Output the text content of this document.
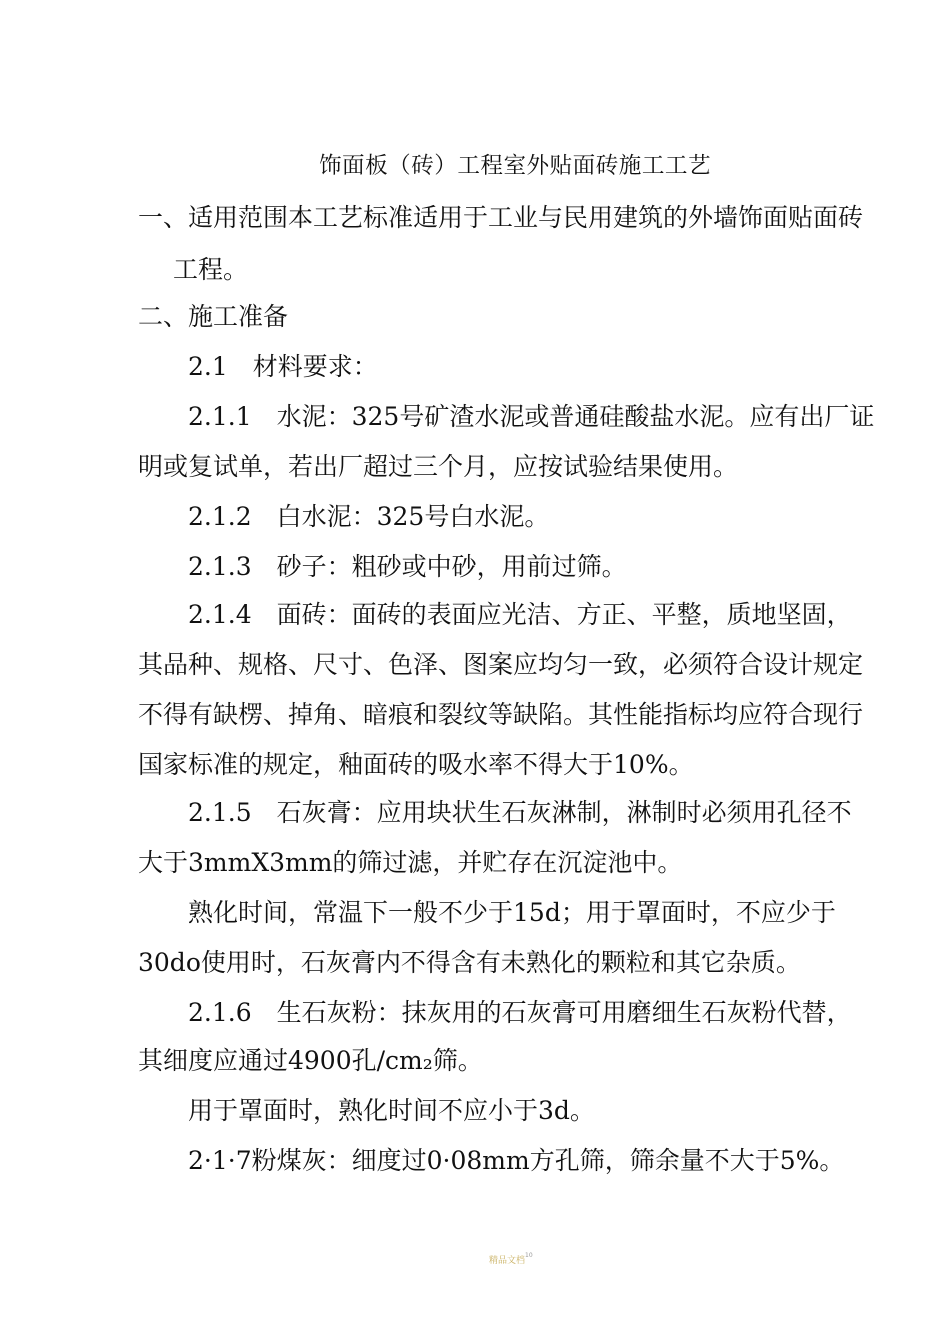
饰面板（砖）工程室外贴面砖施工工艺
一、适用范围本工艺标准适用于工业与民用建筑的外墙饰面贴面砖
工程。
二、施工准备
2.1　材料要求：
2.1.1　水泥：325号矿渣水泥或普通硅酸盐水泥。应有出厂证
明或复试单，若出厂超过三个月，应按试验结果使用。
2.1.2　白水泥：325号白水泥。
2.1.3　砂子：粗砂或中砂，用前过筛。
2.1.4　面砖：面砖的表面应光洁、方正、平整，质地坚固，
其品种、规格、尺寸、色泽、图案应均匀一致，必须符合设计规定
不得有缺楞、掉角、暗痕和裂纹等缺陷。其性能指标均应符合现行
国家标准的规定，釉面砖的吸水率不得大于10%。
2.1.5　石灰膏：应用块状生石灰淋制，淋制时必须用孔径不
大于3mmX3mm的筛过滤，并贮存在沉淀池中。
熟化时间，常温下一般不少于15d；用于罩面时，不应少于
30do使用时，石灰膏内不得含有未熟化的颗粒和其它杂质。
2.1.6　生石灰粉：抹灰用的石灰膏可用磨细生石灰粉代替，
其细度应通过4900孔/cm₂筛。
用于罩面时，熟化时间不应小于3d。
2·1·7粉煤灰：细度过0·08mm方孔筛，筛余量不大于5%。
精品文档$^{10}$
